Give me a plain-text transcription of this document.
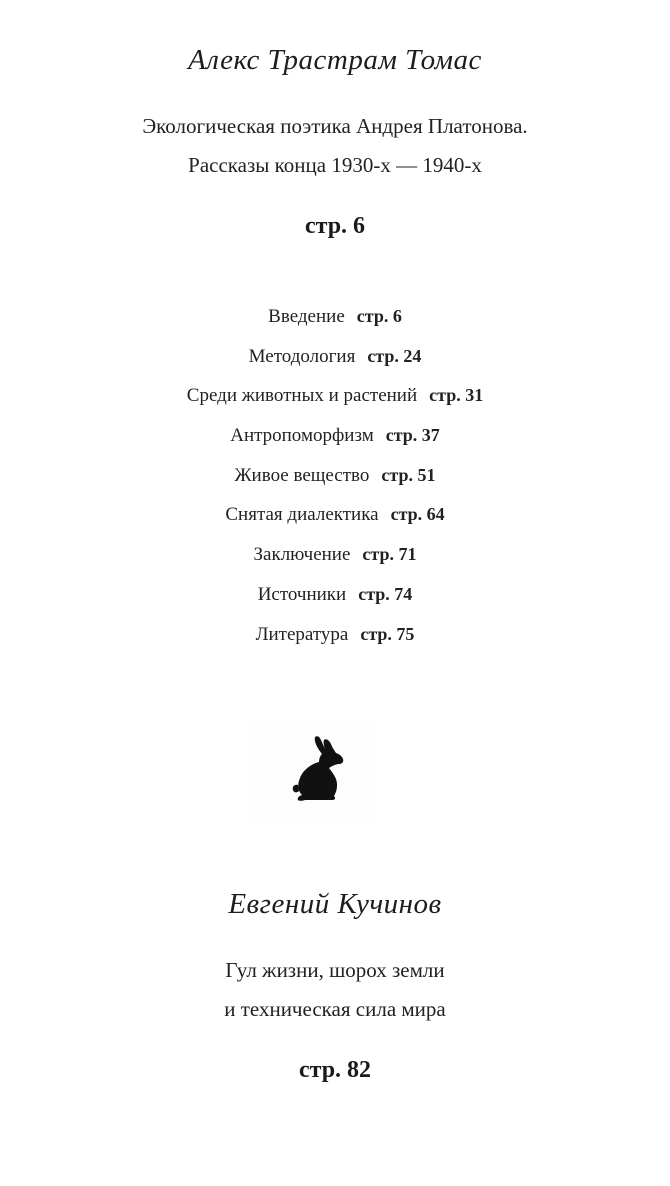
Алекс Трастрам Томас
Экологическая поэтика Андрея Платонова.
Рассказы конца 1930-х — 1940-х
стр. 6
Введение стр. 6
Методология стр. 24
Среди животных и растений стр. 31
Антропоморфизм стр. 37
Живое вещество стр. 51
Снятая диалектика стр. 64
Заключение стр. 71
Источники стр. 74
Литература стр. 75
Евгений Кучинов
Гул жизни, шорох земли
и техническая сила мира
стр. 82
